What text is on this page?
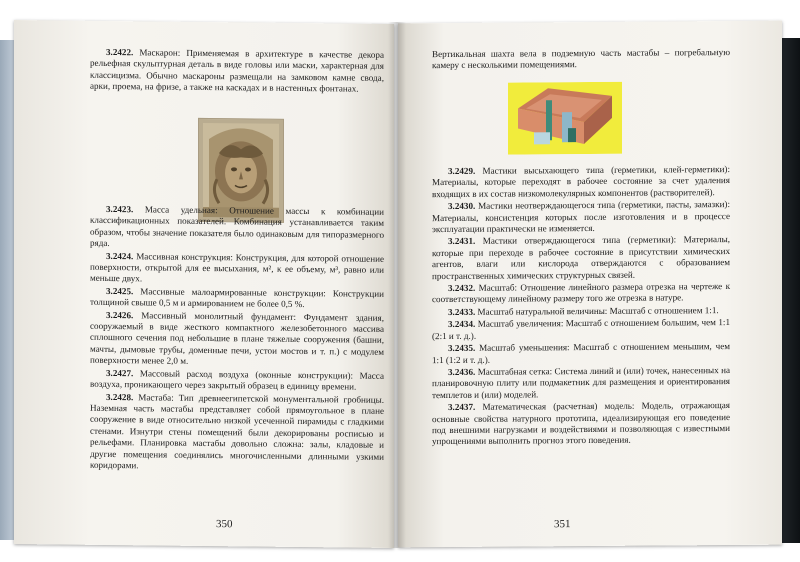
3.2422. Маскарон: Применяемая в архитектуре в качестве декора рельефная скульптурная деталь в виде головы или маски, характерная для классицизма. Обычно маскароны размещали на замковом камне свода, арки, проема, на фризе, а также на каскадах и в настенных фонтанах.

3.2423. Масса удельная: Отношение массы к комбинации классификационных показателей. Комбинация устанавливается таким образом, чтобы значение показателя было одинаковым для типоразмерного ряда.

3.2424. Массивная конструкция: Конструкция, для которой отношение поверхности, открытой для ее высыхания, м², к ее объему, м³, равно или меньше двух.

3.2425. Массивные малоармированные конструкции: Конструкции толщиной свыше 0,5 м и армированием не более 0,5 %.

3.2426. Массивный монолитный фундамент: Фундамент здания, сооружаемый в виде жесткого компактного железобетонного массива сплошного сечения под небольшие в плане тяжелые сооружения (башни, мачты, дымовые трубы, доменные печи, устои мостов и т. п.) с модулем поверхности менее 2,0 м.

3.2427. Массовый расход воздуха (оконные конструкции): Масса воздуха, проникающего через закрытый образец в единицу времени.

3.2428. Мастаба: Тип древнеегипетской монументальной гробницы. Наземная часть мастабы представляет собой прямоугольное в плане сооружение в виде относительно низкой усеченной пирамиды с гладкими стенами. Изнутри стены помещений были декорированы росписью и рельефами. Планировка мастабы довольно сложна: залы, кладовые и другие помещения соединялись многочисленными длинными узкими коридорами.

350

Вертикальная шахта вела в подземную часть мастабы – погребальную камеру с несколькими помещениями.

3.2429. Мастики высыхающего типа (герметики, клей-герметики): Материалы, которые переходят в рабочее состояние за счет удаления входящих в их состав низкомолекулярных компонентов (растворителей).

3.2430. Мастики неотверждающегося типа (герметики, пасты, замазки): Материалы, консистенция которых после изготовления и в процессе эксплуатации практически не изменяется.

3.2431. Мастики отверждающегося типа (герметики): Материалы, которые при переходе в рабочее состояние в присутствии химических агентов, влаги или кислорода отверждаются с образованием пространственных химических структурных связей.

3.2432. Масштаб: Отношение линейного размера отрезка на чертеже к соответствующему линейному размеру того же отрезка в натуре.

3.2433. Масштаб натуральной величины: Масштаб с отношением 1:1.

3.2434. Масштаб увеличения: Масштаб с отношением большим, чем 1:1 (2:1 и т. д.).

3.2435. Масштаб уменьшения: Масштаб с отношением меньшим, чем 1:1 (1:2 и т. д.).

3.2436. Масштабная сетка: Система линий и (или) точек, нанесенных на планировочную плиту или подмакетник для размещения и ориентирования темплетов и (или) моделей.

3.2437. Математическая (расчетная) модель: Модель, отражающая основные свойства натурного прототипа, идеализирующая его поведение под внешними нагрузками и воздействиями и позволяющая с известными упрощениями выполнить прогноз этого поведения.

351
